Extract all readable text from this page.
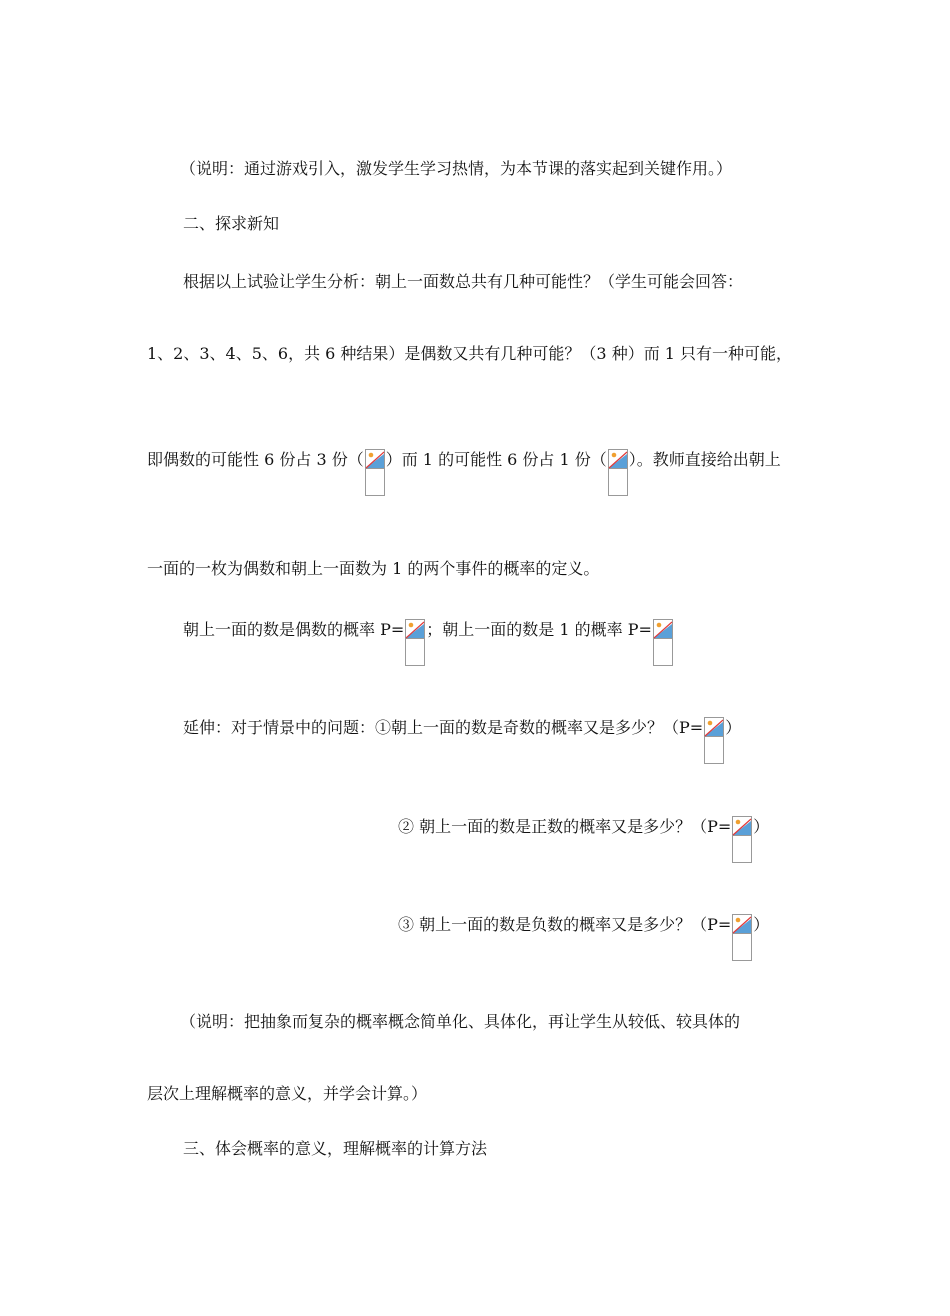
（说明：通过游戏引入，激发学生学习热情，为本节课的落实起到关键作用。）
二、探求新知
根据以上试验让学生分析：朝上一面数总共有几种可能性？（学生可能会回答：
1、2、3、4、5、6，共 6 种结果）是偶数又共有几种可能？（3 种）而 1 只有一种可能，
即偶数的可能性 6 份占 3 份（ ）而 1 的可能性 6 份占 1 份（ ）。教师直接给出朝上
一面的一枚为偶数和朝上一面数为 1 的两个事件的概率的定义。
朝上一面的数是偶数的概率 P= ；朝上一面的数是 1 的概率 P=
延伸：对于情景中的问题：①朝上一面的数是奇数的概率又是多少？（P= ）
② 朝上一面的数是正数的概率又是多少？（P= ）
③ 朝上一面的数是负数的概率又是多少？（P= ）
（说明：把抽象而复杂的概率概念简单化、具体化，再让学生从较低、较具体的
层次上理解概率的意义，并学会计算。）
三、体会概率的意义，理解概率的计算方法
